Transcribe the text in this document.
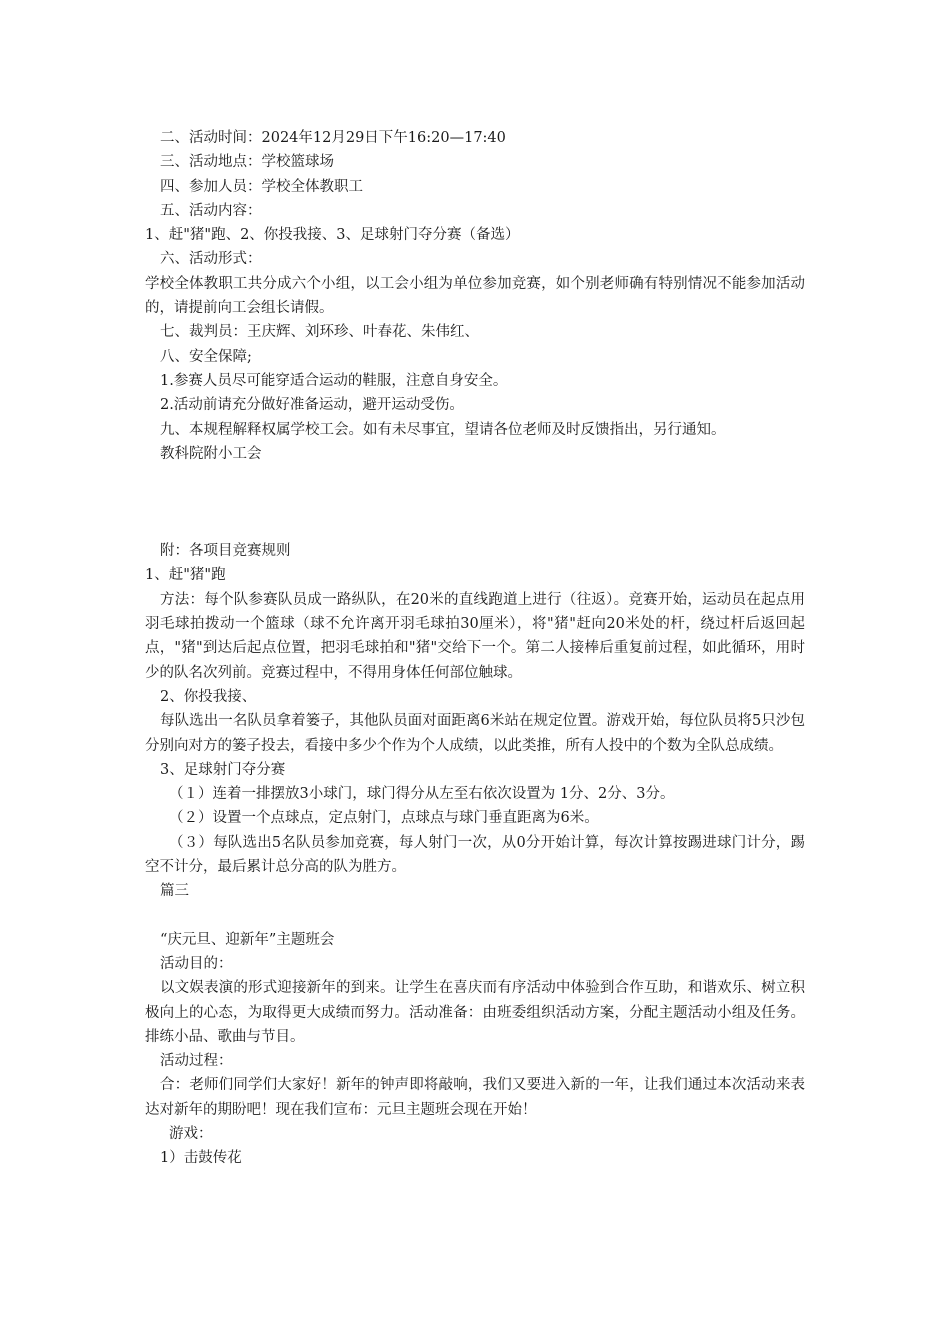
二、活动时间：2024年12月29日下午16:20—17:40
三、活动地点：学校篮球场
四、参加人员：学校全体教职工
五、活动内容：
1、赶"猪"跑、2、你投我接、3、足球射门夺分赛（备选）
六、活动形式：
学校全体教职工共分成六个小组，以工会小组为单位参加竞赛，如个别老师确有特别情况不能参加活动的，请提前向工会组长请假。
七、裁判员：王庆辉、刘环珍、叶春花、朱伟红、
八、安全保障;
1.参赛人员尽可能穿适合运动的鞋服，注意自身安全。
2.活动前请充分做好准备运动，避开运动受伤。
九、本规程解释权属学校工会。如有未尽事宜，望请各位老师及时反馈指出，另行通知。
教科院附小工会
附：各项目竞赛规则
1、赶"猪"跑
方法：每个队参赛队员成一路纵队，在20米的直线跑道上进行（往返）。竞赛开始，运动员在起点用羽毛球拍拨动一个篮球（球不允许离开羽毛球拍30厘米），将"猪"赶向20米处的杆，绕过杆后返回起点，"猪"到达后起点位置，把羽毛球拍和"猪"交给下一个。第二人接棒后重复前过程，如此循环，用时少的队名次列前。竞赛过程中，不得用身体任何部位触球。
2、你投我接、
每队选出一名队员拿着篓子，其他队员面对面距离6米站在规定位置。游戏开始，每位队员将5只沙包分别向对方的篓子投去，看接中多少个作为个人成绩，以此类推，所有人投中的个数为全队总成绩。
3、足球射门夺分赛
（１）连着一排摆放3小球门，球门得分从左至右依次设置为 1分、2分、3分。
（２）设置一个点球点，定点射门，点球点与球门垂直距离为6米。
（３）每队选出5名队员参加竞赛，每人射门一次，从0分开始计算，每次计算按踢进球门计分，踢空不计分，最后累计总分高的队为胜方。
篇三
“庆元旦、迎新年”主题班会
活动目的：
以文娱表演的形式迎接新年的到来。让学生在喜庆而有序活动中体验到合作互助，和谐欢乐、树立积极向上的心态，为取得更大成绩而努力。活动准备：由班委组织活动方案，分配主题活动小组及任务。排练小品、歌曲与节目。
活动过程：
合：老师们同学们大家好！新年的钟声即将敲响，我们又要进入新的一年，让我们通过本次活动来表达对新年的期盼吧！现在我们宣布：元旦主题班会现在开始！
游戏：
1）击鼓传花
